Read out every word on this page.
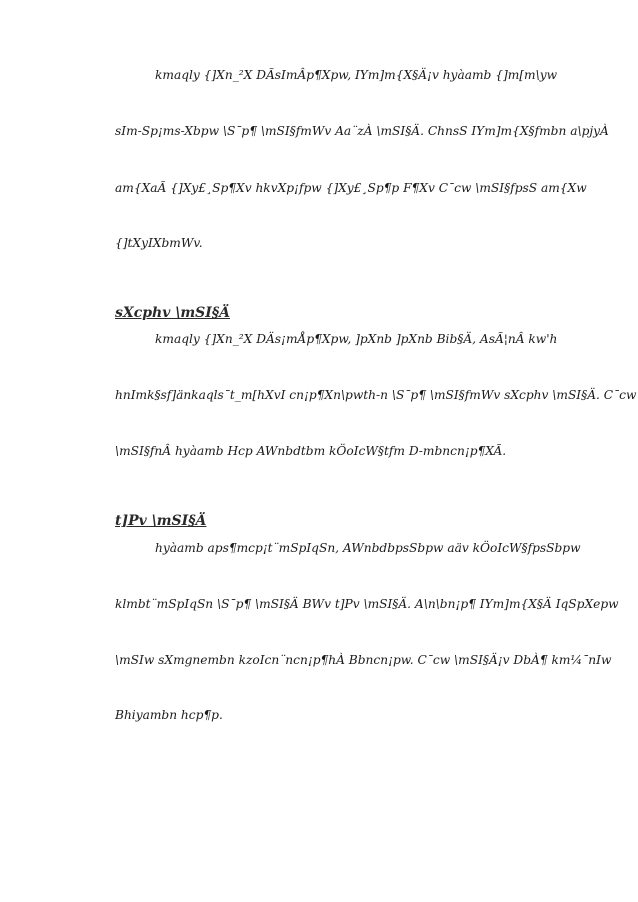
kmaqly {]Xn_²X DÃsImÂp¶Xpw, IYm]m{X§Ä¡v hyàamb {]m[m\yw
sIm-Sp¡ms-Xbpw \S¯p¶ \mSI§fmWv Aa¨zÀ \mSI§Ä. ChnsS IYm]m{X§fmbn a\pjyÀ
am{XaÃ {]Xy£¸Sp¶Xv hkvXp¡fpw {]Xy£¸Sp¶p F¶Xv C¯cw \mSI§fpsS am{Xw
{]tXyIXbmWv.
sXcphv \mSI§Ä
kmaqly {]Xn_²X DÄs¡mÅp¶Xpw, ]pXnb ]pXnb Bib§Ä, AsÃ¦nÂ kw'h
hnImk§sf]änkaqls¯t_m[hXvI cn¡p¶Xn\pwth-n \S¯p¶ \mSI§fmWv sXcphv \mSI§Ä. C¯cw
\mSI§fnÂ hyàamb Hcp AWnbdtbm kÖoIcW§tfm D-mbncn¡p¶XÃ.
t]Pv \mSI§Ä
hyàamb aps¶mcp¡t¨mSpIqSn, AWnbdbpsSbpw aäv kÖoIcW§fpsSbpw
klmbt¨mSpIqSn \S¯p¶ \mSI§Ä BWv t]Pv \mSI§Ä. A\n\bn¡p¶ IYm]m{X§Ä IqSpXepw
\mSIw sXmgnembn kzoIcn¨ncn¡p¶hÀ Bbncn¡pw. C¯cw \mSI§Ä¡v DbÀ¶ km¼¯nIw
Bhiyambn hcp¶p.
